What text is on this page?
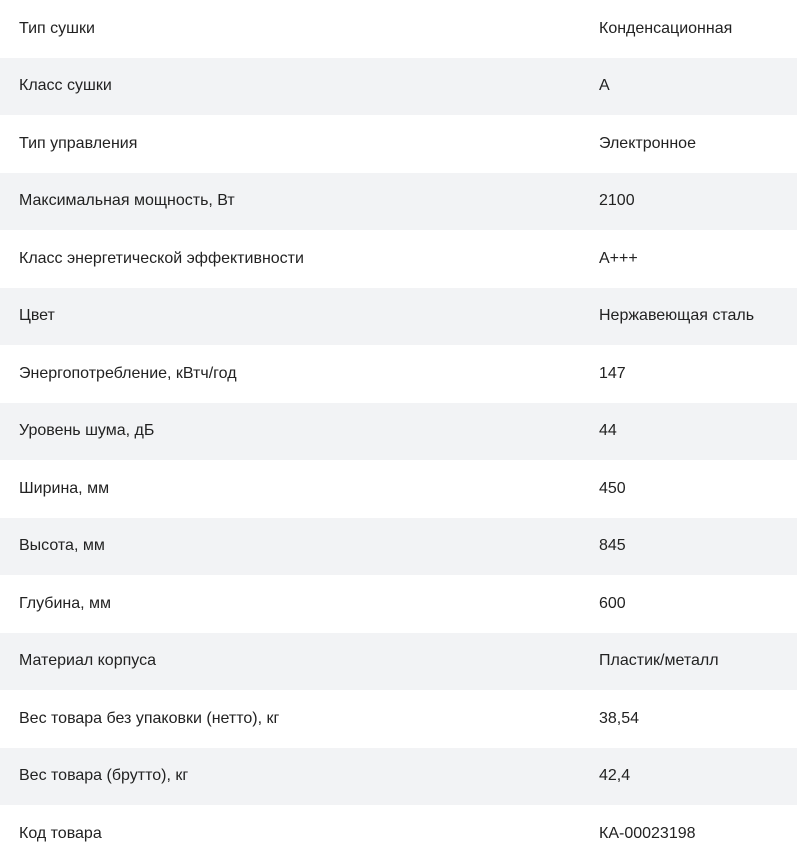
Тип сушки	Конденсационная
Класс сушки	A
Тип управления	Электронное
Максимальная мощность, Вт	2100
Класс энергетической эффективности	A+++
Цвет	Нержавеющая сталь
Энергопотребление, кВтч/год	147
Уровень шума, дБ	44
Ширина, мм	450
Высота, мм	845
Глубина, мм	600
Материал корпуса	Пластик/металл
Вес товара без упаковки (нетто), кг	38,54
Вес товара (брутто), кг	42,4
Код товара	КА-00023198
